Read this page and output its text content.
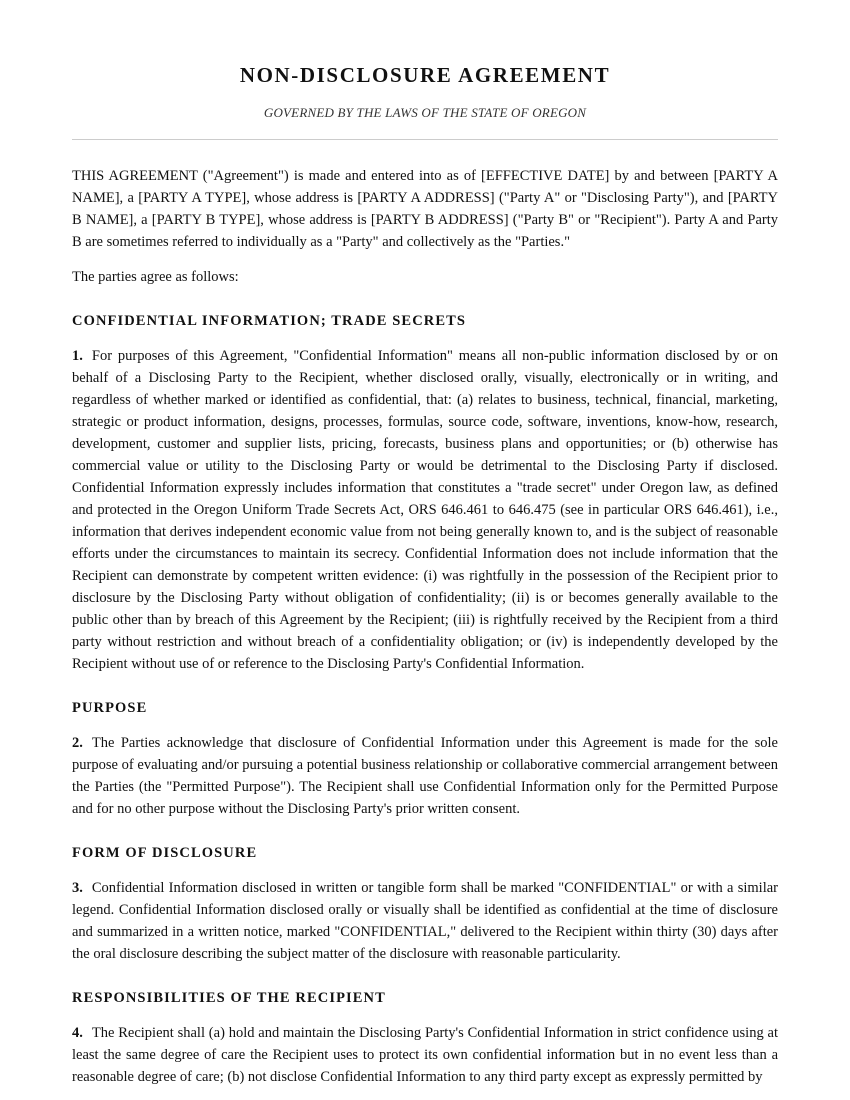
NON-DISCLOSURE AGREEMENT
GOVERNED BY THE LAWS OF THE STATE OF OREGON

THIS AGREEMENT ("Agreement") is made and entered into as of [EFFECTIVE DATE] by and between [PARTY A NAME], a [PARTY A TYPE], whose address is [PARTY A ADDRESS] ("Party A" or "Disclosing Party"), and [PARTY B NAME], a [PARTY B TYPE], whose address is [PARTY B ADDRESS] ("Party B" or "Recipient"). Party A and Party B are sometimes referred to individually as a "Party" and collectively as the "Parties."

The parties agree as follows:

CONFIDENTIAL INFORMATION; TRADE SECRETS

1. For purposes of this Agreement, "Confidential Information" means all non-public information disclosed by or on behalf of a Disclosing Party to the Recipient, whether disclosed orally, visually, electronically or in writing, and regardless of whether marked or identified as confidential, that: (a) relates to business, technical, financial, marketing, strategic or product information, designs, processes, formulas, source code, software, inventions, know-how, research, development, customer and supplier lists, pricing, forecasts, business plans and opportunities; or (b) otherwise has commercial value or utility to the Disclosing Party or would be detrimental to the Disclosing Party if disclosed. Confidential Information expressly includes information that constitutes a "trade secret" under Oregon law, as defined and protected in the Oregon Uniform Trade Secrets Act, ORS 646.461 to 646.475 (see in particular ORS 646.461), i.e., information that derives independent economic value from not being generally known to, and is the subject of reasonable efforts under the circumstances to maintain its secrecy. Confidential Information does not include information that the Recipient can demonstrate by competent written evidence: (i) was rightfully in the possession of the Recipient prior to disclosure by the Disclosing Party without obligation of confidentiality; (ii) is or becomes generally available to the public other than by breach of this Agreement by the Recipient; (iii) is rightfully received by the Recipient from a third party without restriction and without breach of a confidentiality obligation; or (iv) is independently developed by the Recipient without use of or reference to the Disclosing Party's Confidential Information.

PURPOSE

2. The Parties acknowledge that disclosure of Confidential Information under this Agreement is made for the sole purpose of evaluating and/or pursuing a potential business relationship or collaborative commercial arrangement between the Parties (the "Permitted Purpose"). The Recipient shall use Confidential Information only for the Permitted Purpose and for no other purpose without the Disclosing Party's prior written consent.

FORM OF DISCLOSURE

3. Confidential Information disclosed in written or tangible form shall be marked "CONFIDENTIAL" or with a similar legend. Confidential Information disclosed orally or visually shall be identified as confidential at the time of disclosure and summarized in a written notice, marked "CONFIDENTIAL," delivered to the Recipient within thirty (30) days after the oral disclosure describing the subject matter of the disclosure with reasonable particularity.

RESPONSIBILITIES OF THE RECIPIENT

4. The Recipient shall (a) hold and maintain the Disclosing Party's Confidential Information in strict confidence using at least the same degree of care the Recipient uses to protect its own confidential information but in no event less than a reasonable degree of care; (b) not disclose Confidential Information to any third party except as expressly permitted by
